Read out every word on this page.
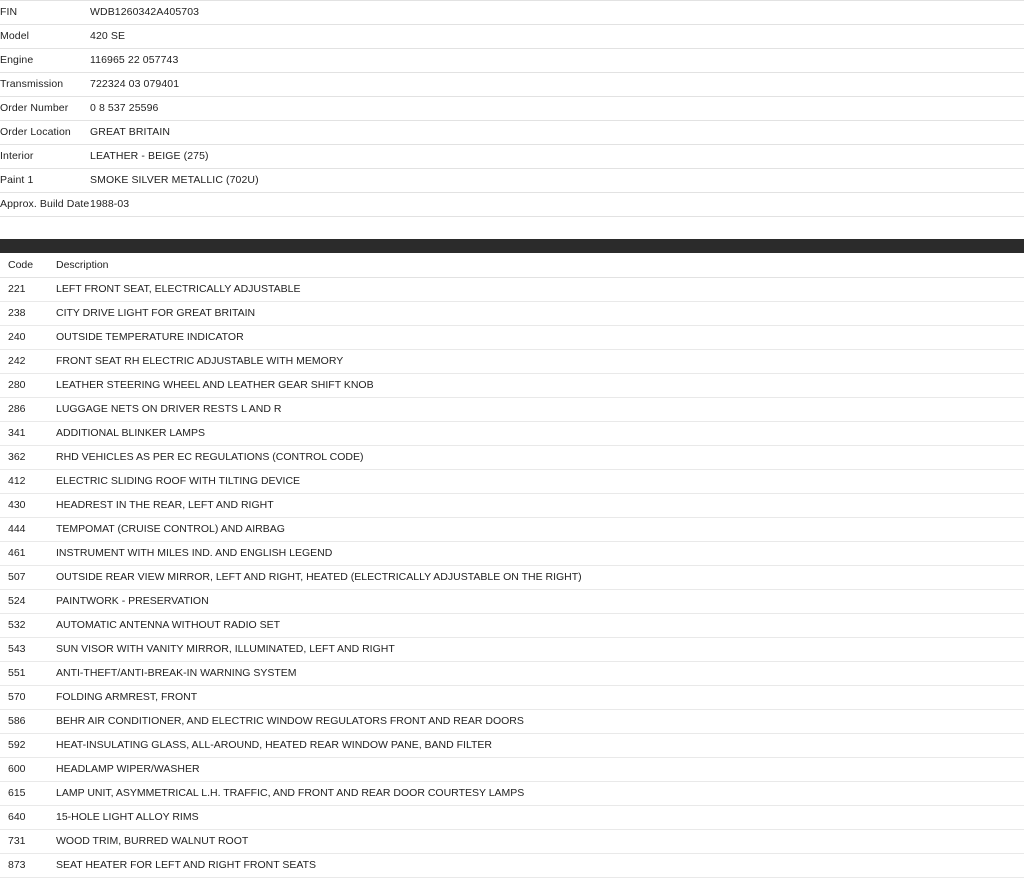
FIN	WDB1260342A405703
Model	420 SE
Engine	116965 22 057743
Transmission	722324 03 079401
Order Number	0 8 537 25596
Order Location	GREAT BRITAIN
Interior	LEATHER - BEIGE (275)
Paint 1	SMOKE SILVER METALLIC (702U)
Approx. Build Date	1988-03
Code	Description
221	LEFT FRONT SEAT, ELECTRICALLY ADJUSTABLE
238	CITY DRIVE LIGHT FOR GREAT BRITAIN
240	OUTSIDE TEMPERATURE INDICATOR
242	FRONT SEAT RH ELECTRIC ADJUSTABLE WITH MEMORY
280	LEATHER STEERING WHEEL AND LEATHER GEAR SHIFT KNOB
286	LUGGAGE NETS ON DRIVER RESTS L AND R
341	ADDITIONAL BLINKER LAMPS
362	RHD VEHICLES AS PER EC REGULATIONS (CONTROL CODE)
412	ELECTRIC SLIDING ROOF WITH TILTING DEVICE
430	HEADREST IN THE REAR, LEFT AND RIGHT
444	TEMPOMAT (CRUISE CONTROL) AND AIRBAG
461	INSTRUMENT WITH MILES IND. AND ENGLISH LEGEND
507	OUTSIDE REAR VIEW MIRROR, LEFT AND RIGHT, HEATED (ELECTRICALLY ADJUSTABLE ON THE RIGHT)
524	PAINTWORK - PRESERVATION
532	AUTOMATIC ANTENNA WITHOUT RADIO SET
543	SUN VISOR WITH VANITY MIRROR, ILLUMINATED, LEFT AND RIGHT
551	ANTI-THEFT/ANTI-BREAK-IN WARNING SYSTEM
570	FOLDING ARMREST, FRONT
586	BEHR AIR CONDITIONER, AND ELECTRIC WINDOW REGULATORS FRONT AND REAR DOORS
592	HEAT-INSULATING GLASS, ALL-AROUND, HEATED REAR WINDOW PANE, BAND FILTER
600	HEADLAMP WIPER/WASHER
615	LAMP UNIT, ASYMMETRICAL L.H. TRAFFIC, AND FRONT AND REAR DOOR COURTESY LAMPS
640	15-HOLE LIGHT ALLOY RIMS
731	WOOD TRIM, BURRED WALNUT ROOT
873	SEAT HEATER FOR LEFT AND RIGHT FRONT SEATS
